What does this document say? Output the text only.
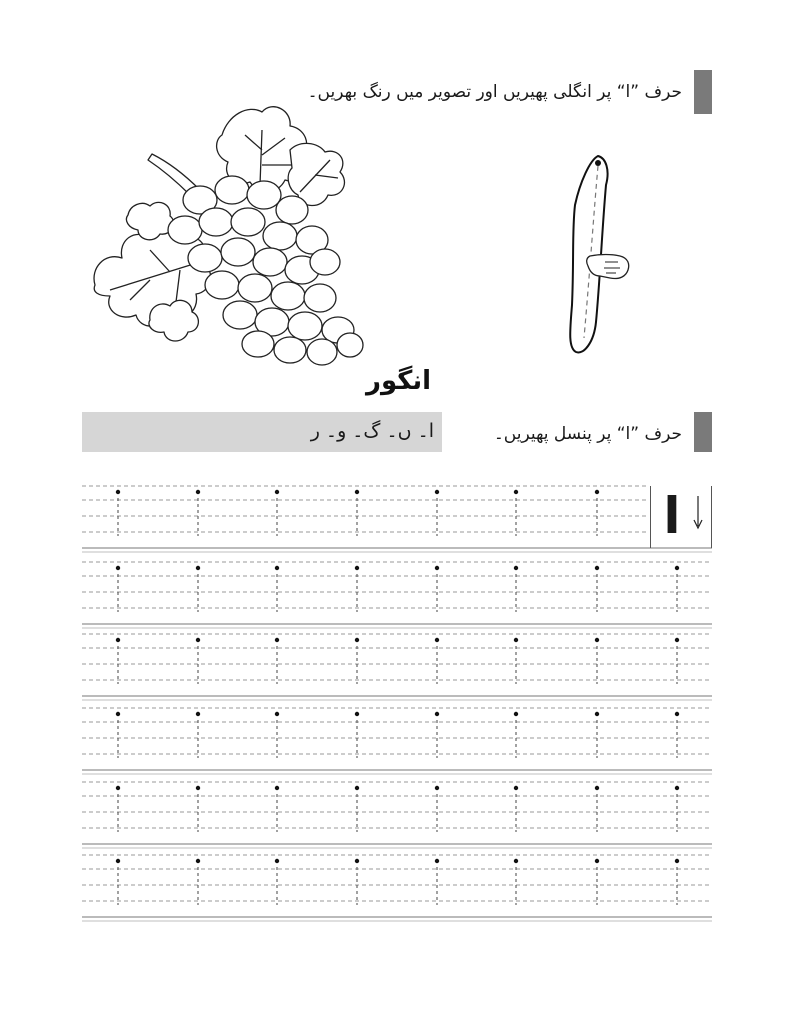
حرف ”ا“ پر انگلی پھیریں اور تصویر میں رنگ بھریں۔
انگور
حرف ”ا“ پر پنسل پھیریں۔
ا۔ ں۔ گ۔ و۔ ر
ا
